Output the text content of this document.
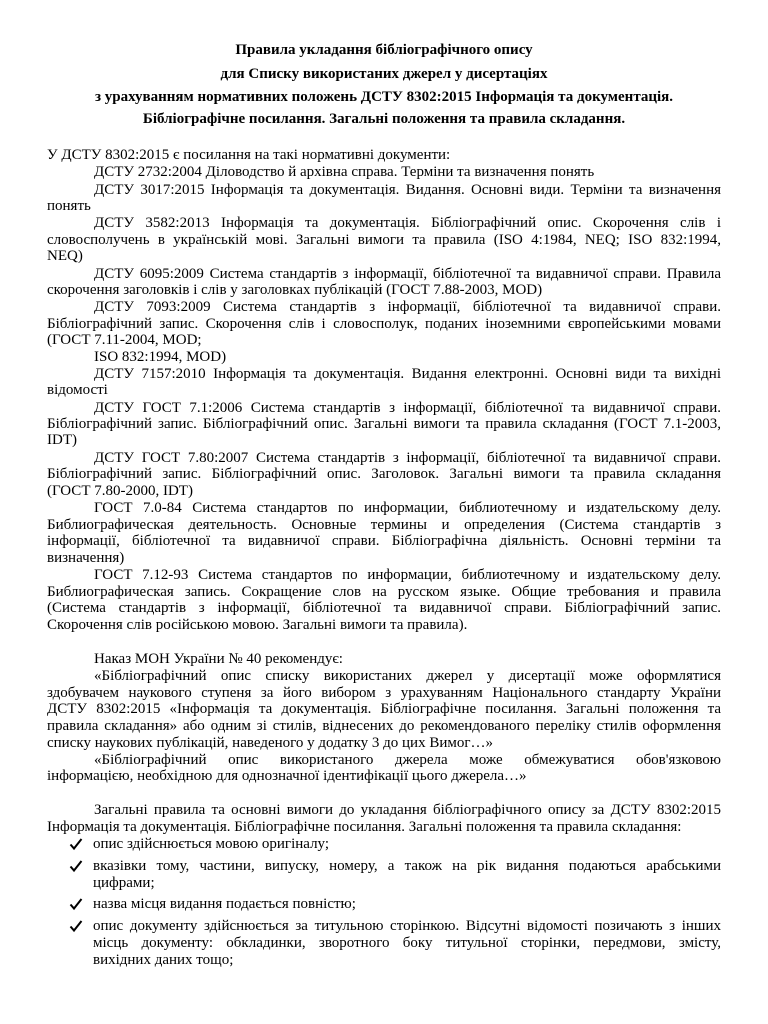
Правила укладання бібліографічного опису
для Списку використаних джерел у дисертаціях
з урахуванням нормативних положень ДСТУ 8302:2015 Інформація та документація.
Бібліографічне посилання. Загальні положення та правила складання.
У ДСТУ 8302:2015 є посилання на такі нормативні документи:
ДСТУ 2732:2004 Діловодство й архівна справа. Терміни та визначення понять
ДСТУ 3017:2015 Інформація та документація. Видання. Основні види. Терміни та визначення
понять
ДСТУ 3582:2013 Інформація та документація. Бібліографічний опис. Скорочення слів і
словосполучень в українській мові. Загальні вимоги та правила (ISO 4:1984, NEQ; ISO 832:1994,
NEQ)
ДСТУ 6095:2009 Система стандартів з інформації, бібліотечної та видавничої справи. Правила
скорочення заголовків і слів у заголовках публікацій (ГОСТ 7.88-2003, MOD)
ДСТУ 7093:2009 Система стандартів з інформації, бібліотечної та видавничої справи.
Бібліографічний запис. Скорочення слів і словосполук, поданих іноземними європейськими мовами
(ГОСТ 7.11-2004, MOD;
ISO 832:1994, MOD)
ДСТУ 7157:2010 Інформація та документація. Видання електронні. Основні види та вихідні
відомості
ДСТУ ГОСТ 7.1:2006 Система стандартів з інформації, бібліотечної та видавничої справи.
Бібліографічний запис. Бібліографічний опис. Загальні вимоги та правила складання (ГОСТ 7.1-2003,
IDT)
ДСТУ ГОСТ 7.80:2007 Система стандартів з інформації, бібліотечної та видавничої справи.
Бібліографічний запис. Бібліографічний опис. Заголовок. Загальні вимоги та правила складання
(ГОСТ 7.80-2000, IDT)
ГОСТ 7.0-84 Система стандартов по информации, библиотечному и издательскому делу.
Библиографическая деятельность. Основные термины и определения (Система стандартів з
інформації, бібліотечної та видавничої справи. Бібліографічна діяльність. Основні терміни та
визначення)
ГОСТ 7.12-93 Система стандартов по информации, библиотечному и издательскому делу.
Библиографическая запись. Сокращение слов на русском языке. Общие требования и правила
(Система стандартів з інформації, бібліотечної та видавничої справи. Бібліографічний запис.
Скорочення слів російською мовою. Загальні вимоги та правила).
Наказ МОН України № 40 рекомендує:
«Бібліографічний опис списку використаних джерел у дисертації може оформлятися
здобувачем наукового ступеня за його вибором з урахуванням Національного стандарту України
ДСТУ 8302:2015 «Інформація та документація. Бібліографічне посилання. Загальні положення та
правила складання» або одним зі стилів, віднесених до рекомендованого переліку стилів оформлення
списку наукових публікацій, наведеного у додатку 3 до цих Вимог…»
«Бібліографічний опис використаного джерела може обмежуватися обов'язковою
інформацією, необхідною для однозначної ідентифікації цього джерела…»
Загальні правила та основні вимоги до укладання бібліографічного опису за ДСТУ 8302:2015
Інформація та документація. Бібліографічне посилання. Загальні положення та правила складання:
опис здійснюється мовою оригіналу;
вказівки тому, частини, випуску, номеру, а також на рік видання подаються арабськими
цифрами;
назва місця видання подається повністю;
опис документу здійснюється за титульною сторінкою. Відсутні відомості позичають з інших
місць документу: обкладинки, зворотного боку титульної сторінки, передмови, змісту,
вихідних даних тощо;
